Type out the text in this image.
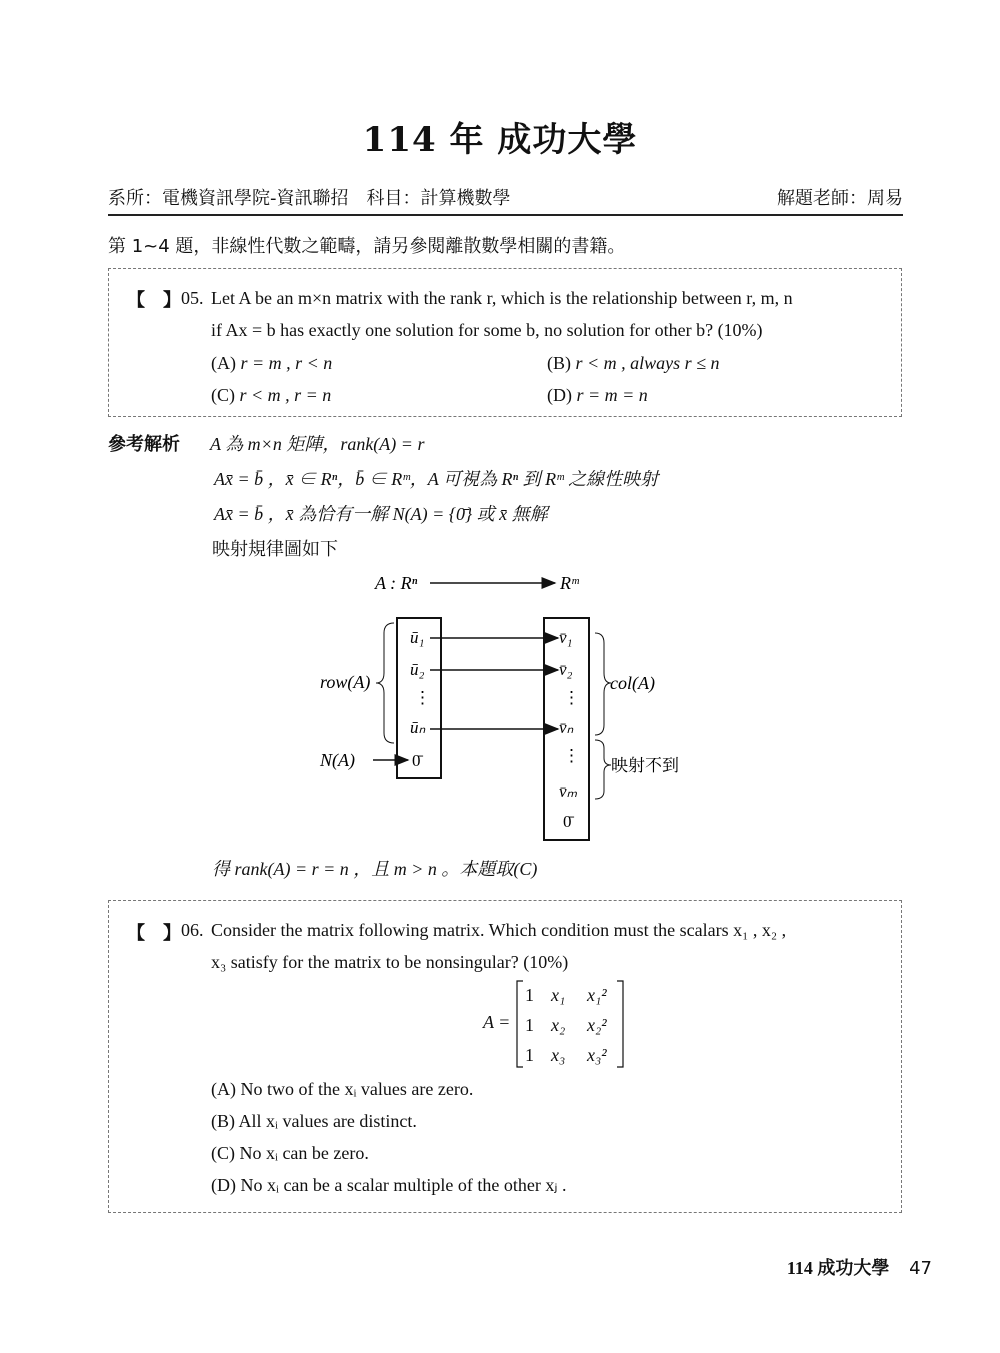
114 年 成功大學
系所：電機資訊學院-資訊聯招　科目：計算機數學	解題老師：周易
第 1~4 題，非線性代數之範疇，請另參閱離散數學相關的書籍。
【　】 05. Let A be an m×n matrix with the rank r, which is the relationship between r, m, n
if Ax = b has exactly one solution for some b, no solution for other b? (10%)
(A) r = m , r < n	(B) r < m , always r ≤ n
(C) r < m , r = n	(D) r = m = n
參考解析 A 為 m×n 矩陣，rank(A) = r
Ax̄ = b̄ ，x̄ ∈ Rⁿ，b̄ ∈ Rᵐ，A 可視為 Rⁿ 到 Rᵐ 之線性映射
Ax̄ = b̄ ，x̄ 為恰有一解 N(A) = {0̄} 或 x̄ 無解
映射規律圖如下
A : Rⁿ	Rᵐ
ū₁
ū₂
⋮
ūₙ
0̄
v̄₁
v̄₂
⋮
v̄ₙ
⋮
v̄ₘ
0̄
N(A)
row(A)	col(A)
映射不到
得 rank(A) = r = n ，且 m > n 。本題取(C)
【　】 06. Consider the matrix following matrix. Which condition must the scalars x₁ , x₂ ,
x₃ satisfy for the matrix to be nonsingular? (10%)
A =
1 x₁ x₁²
1 x₂ x₂²
1 x₃ x₃²
(A) No two of the xᵢ values are zero.
(B) All xᵢ values are distinct.
(C) No xᵢ can be zero.
(D) No xᵢ can be a scalar multiple of the other xⱼ .
114 成功大學 47
